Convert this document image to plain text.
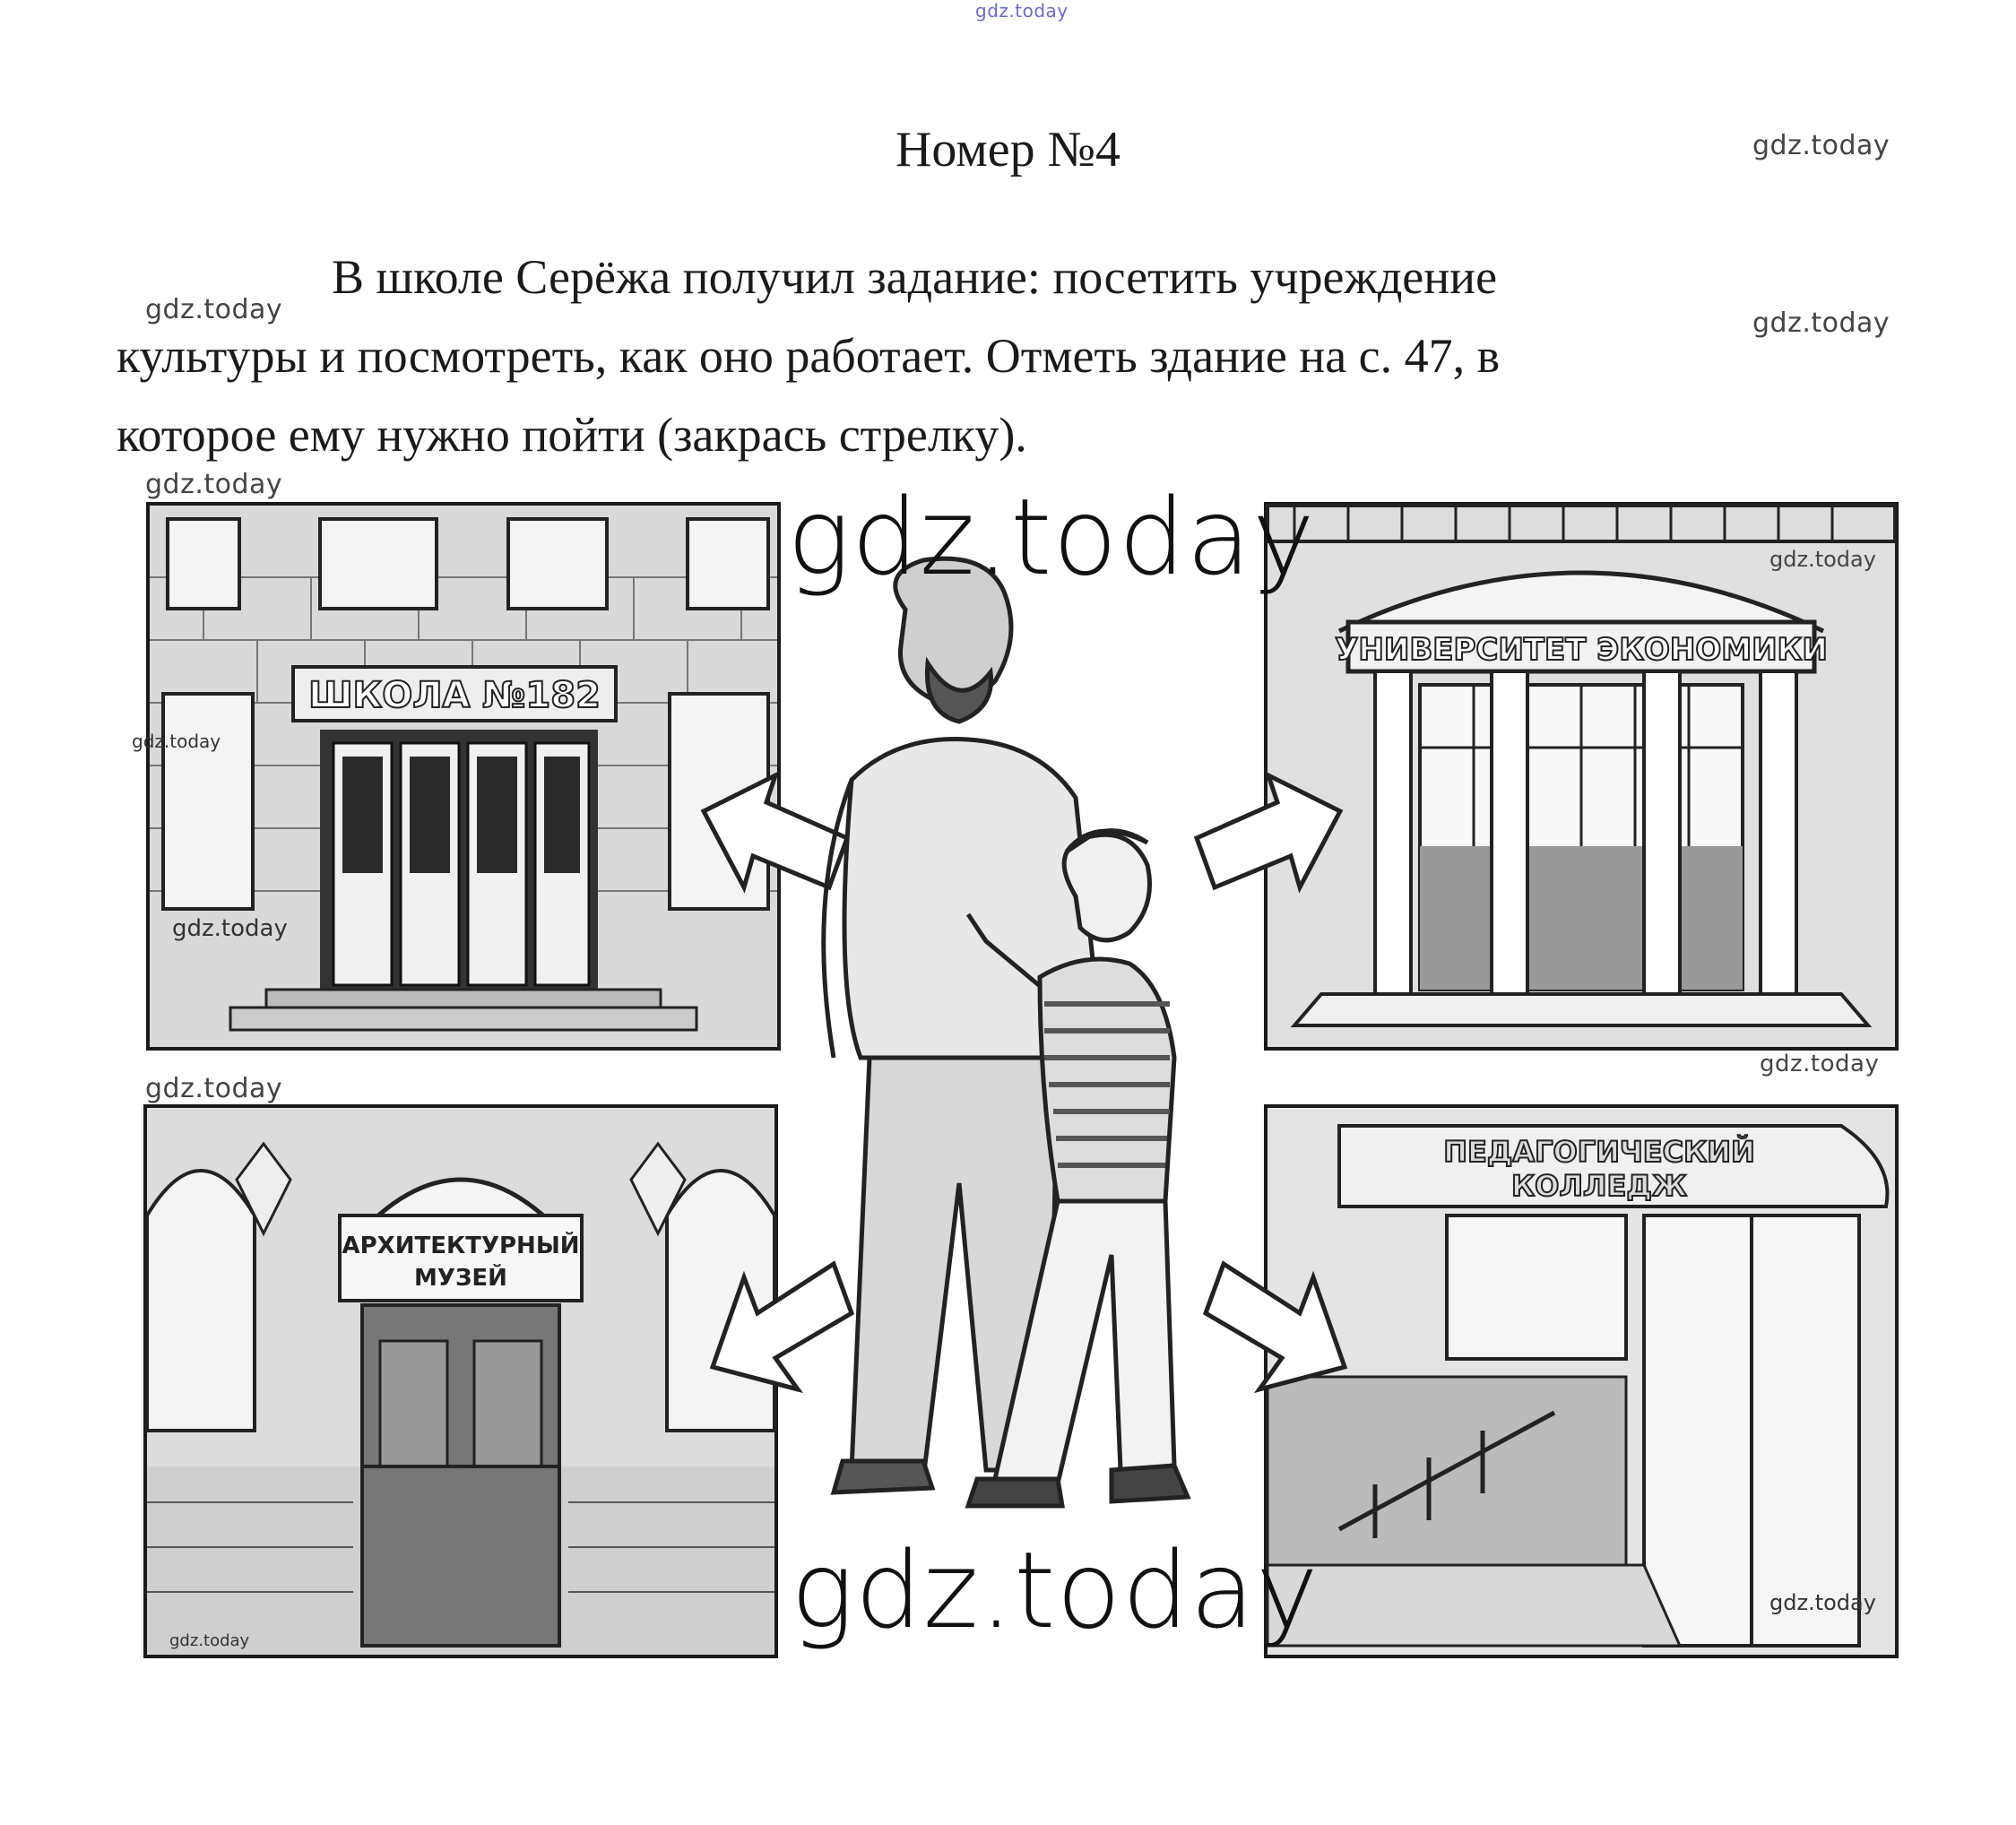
gdz.today
gdz.today
gdz.today	gdz.today
gdz.today
gdz.today
gdz.today
Номер №4
В школе Серёжа получил задание: посетить учреждение
культуры и посмотреть, как оно работает. Отметь здание на с. 47, в
которое ему нужно пойти (закрась стрелку).
ШКОЛА №182
gdz.today
gdz.today
УНИВЕРСИТЕТ ЭКОНОМИКИ
gdz.today
АРХИТЕКТУРНЫЙ
МУЗЕЙ
gdz.today
ПЕДАГОГИЧЕСКИЙ
КОЛЛЕДЖ
gdz.today
gdz.today
gdz.today
